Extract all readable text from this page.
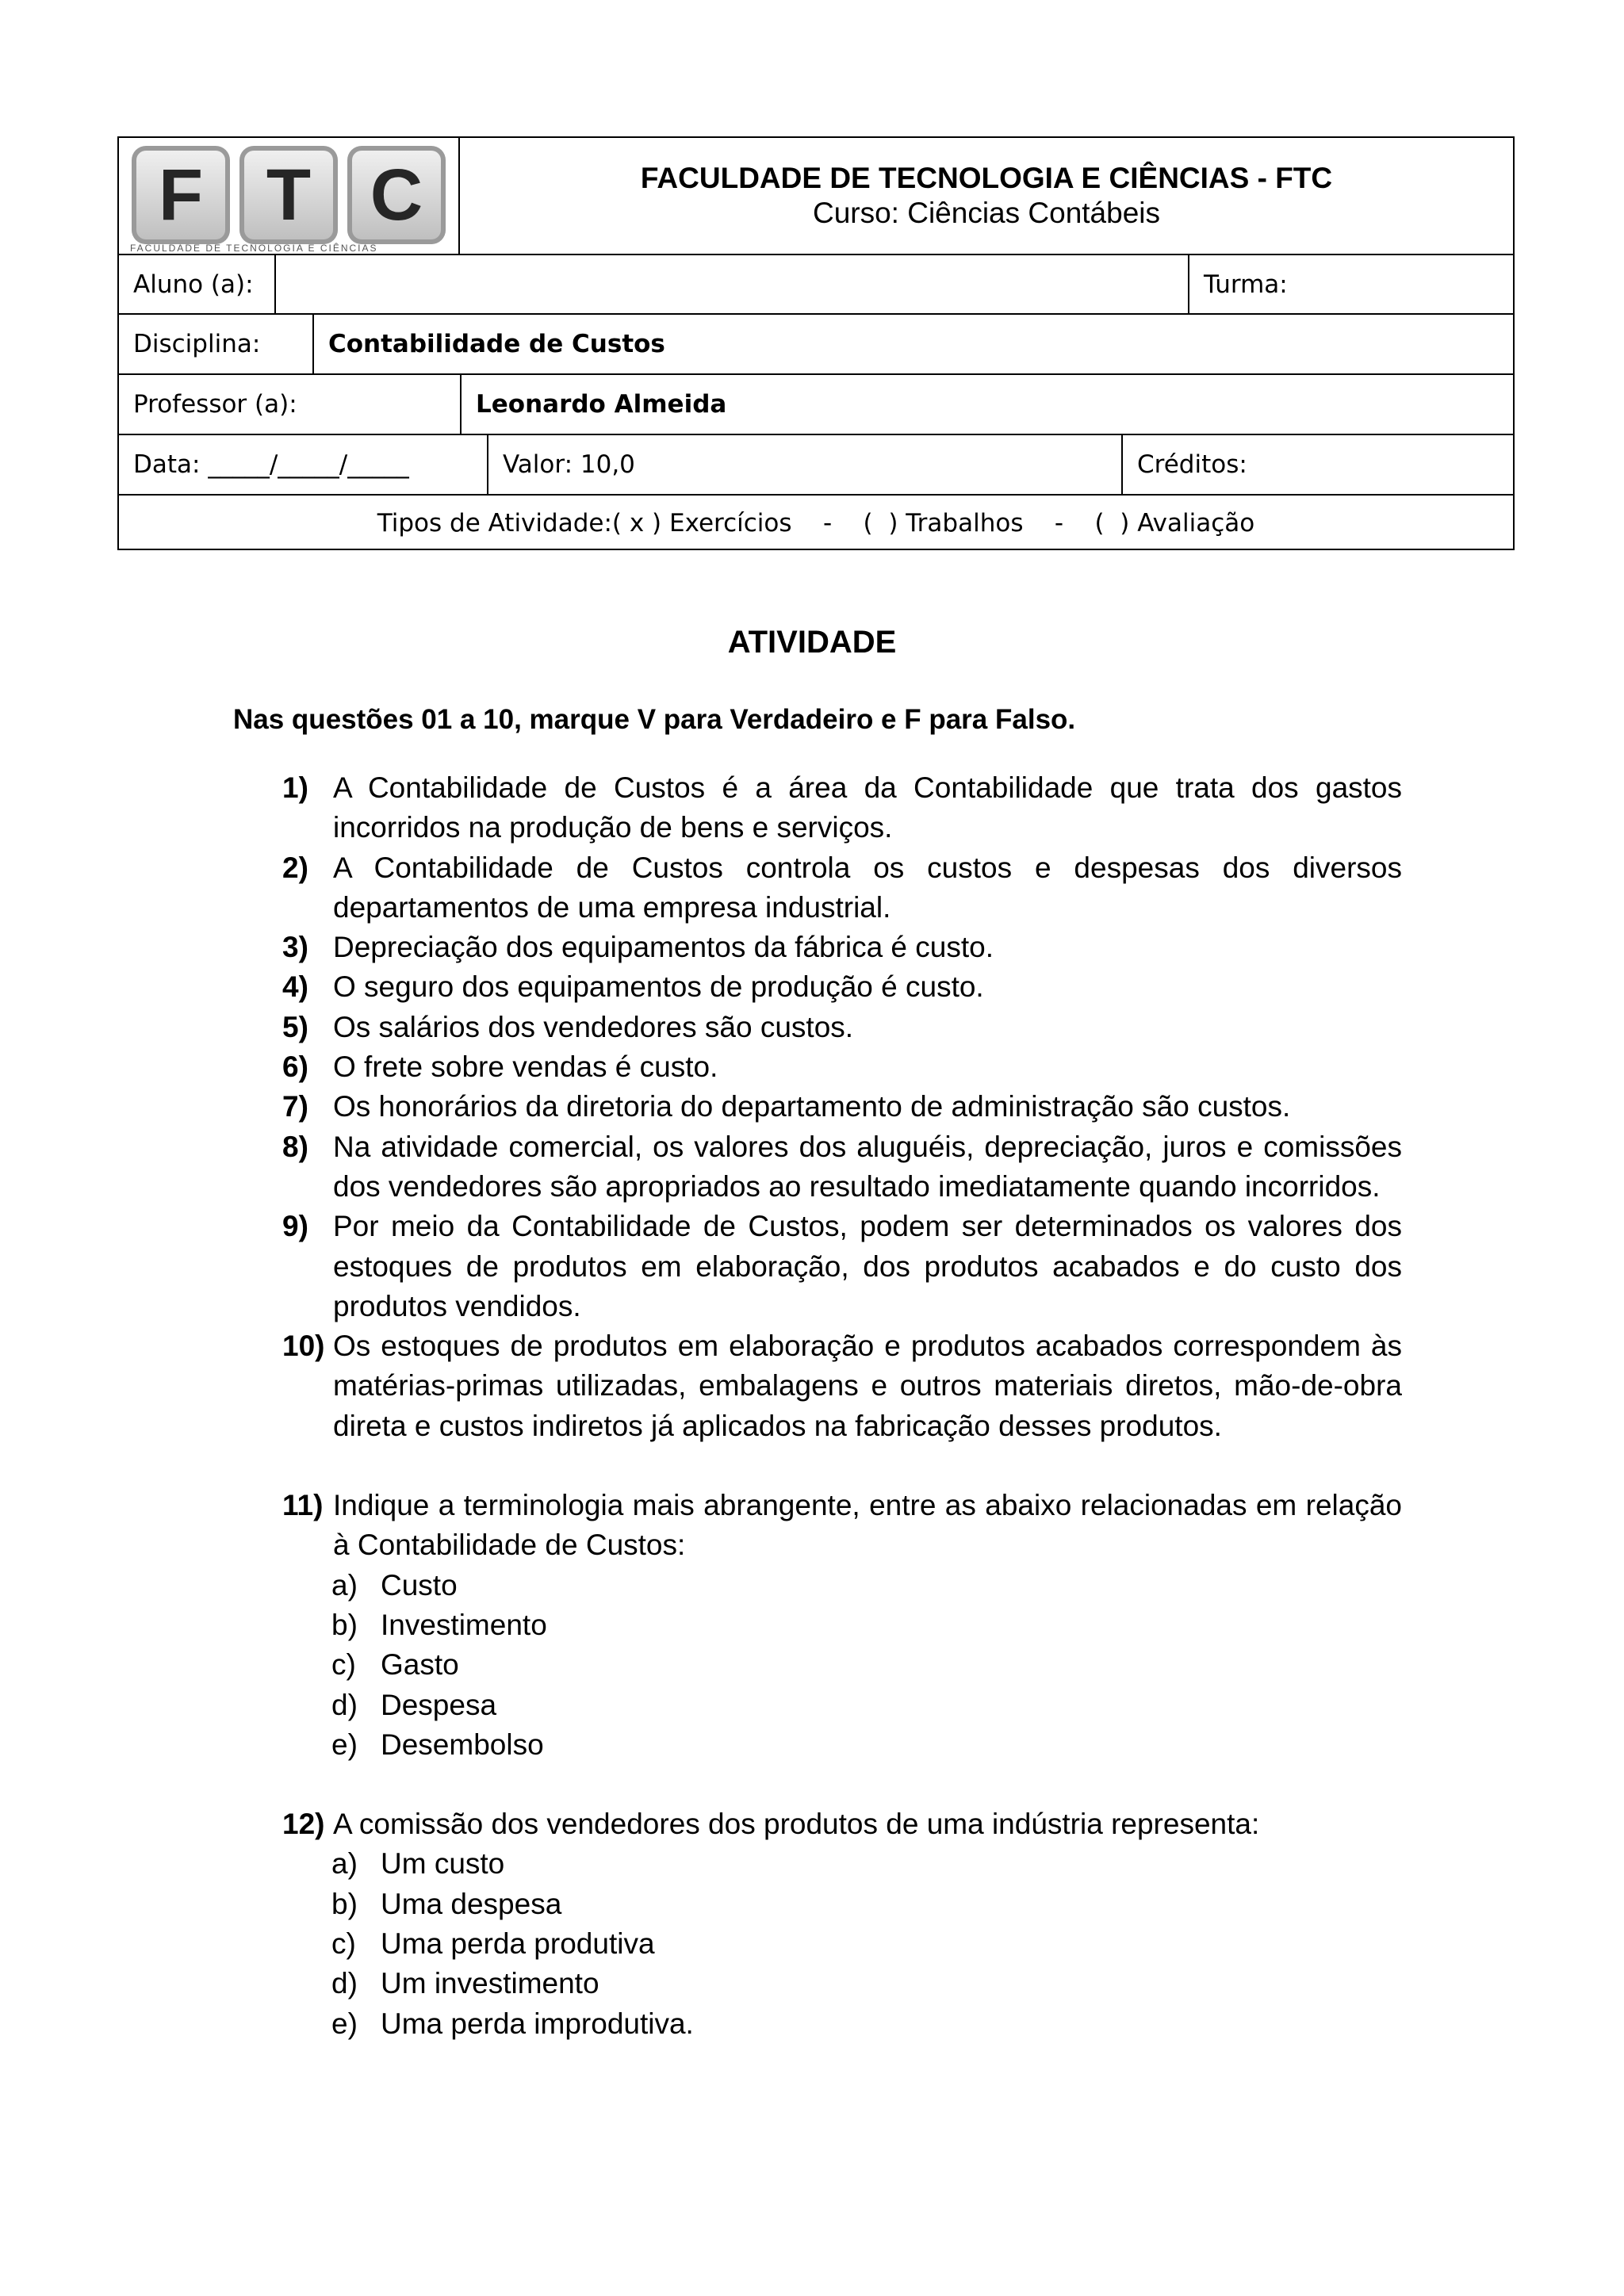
F T C
FACULDADE DE TECNOLOGIA E CIÊNCIAS
FACULDADE DE TECNOLOGIA E CIÊNCIAS - FTC
Curso: Ciências Contábeis
Aluno (a):	Turma:
Disciplina:	Contabilidade de Custos
Professor (a):	Leonardo Almeida
Data: _____/_____/_____	Valor: 10,0	Créditos:
Tipos de Atividade:( x ) Exercícios    -    (  ) Trabalhos    -    (  ) Avaliação
ATIVIDADE
Nas questões 01 a 10, marque V para Verdadeiro e F para Falso.
1) A Contabilidade de Custos é a área da Contabilidade que trata dos gastos incorridos na produção de bens e serviços.
2) A Contabilidade de Custos controla os custos e despesas dos diversos departamentos de uma empresa industrial.
3) Depreciação dos equipamentos da fábrica é custo.
4) O seguro dos equipamentos de produção é custo.
5) Os salários dos vendedores são custos.
6) O frete sobre vendas é custo.
7) Os honorários da diretoria do departamento de administração são custos.
8) Na atividade comercial, os valores dos aluguéis, depreciação, juros e comissões dos vendedores são apropriados ao resultado imediatamente quando incorridos.
9) Por meio da Contabilidade de Custos, podem ser determinados os valores dos estoques de produtos em elaboração, dos produtos acabados e do custo dos produtos vendidos.
10) Os estoques de produtos em elaboração e produtos acabados correspondem às matérias-primas utilizadas, embalagens e outros materiais diretos, mão-de-obra direta e custos indiretos já aplicados na fabricação desses produtos.
11) Indique a terminologia mais abrangente, entre as abaixo relacionadas em relação à Contabilidade de Custos:
a) Custo
b) Investimento
c) Gasto
d) Despesa
e) Desembolso
12) A comissão dos vendedores dos produtos de uma indústria representa:
a) Um custo
b) Uma despesa
c) Uma perda produtiva
d) Um investimento
e) Uma perda improdutiva.
